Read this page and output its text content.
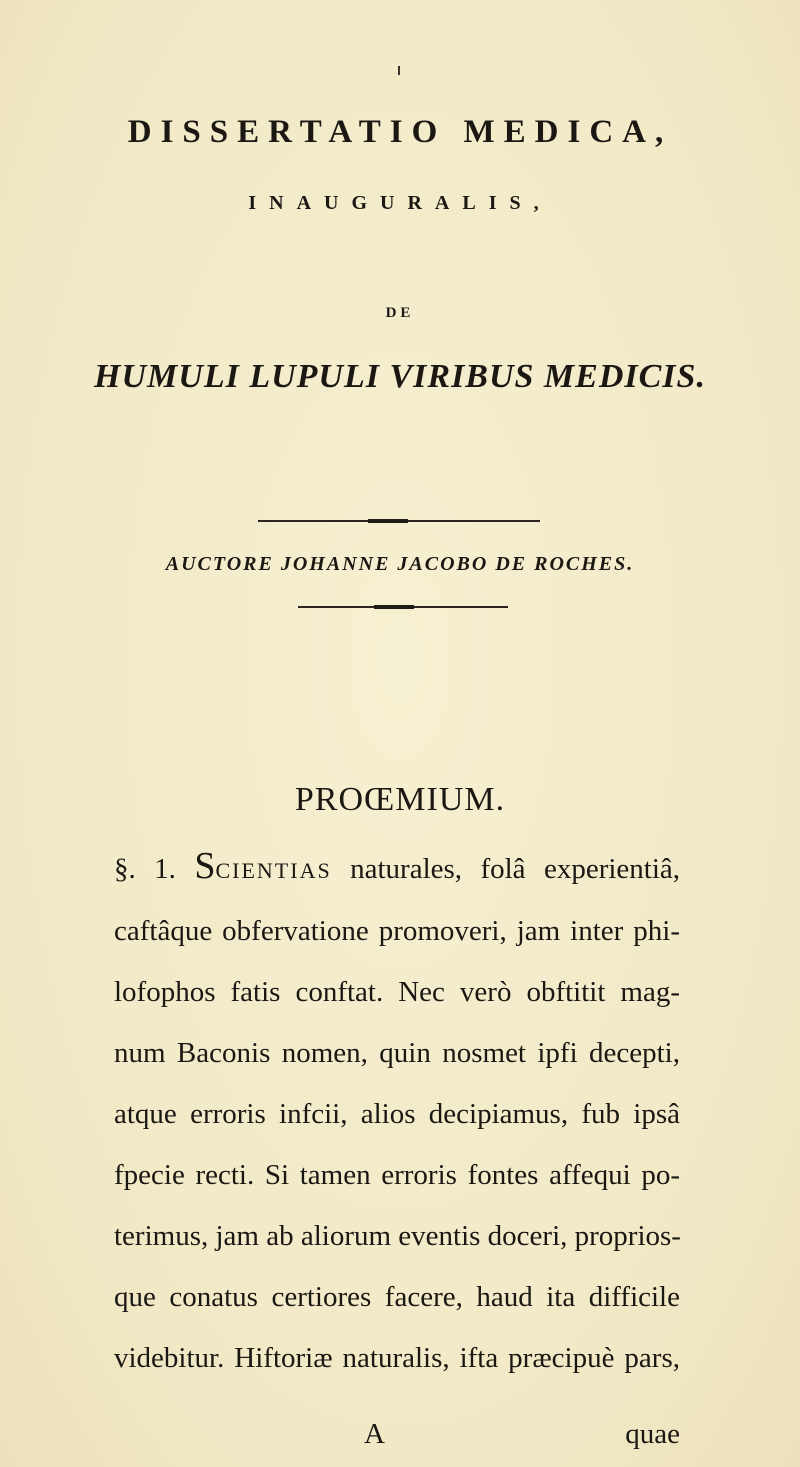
DISSERTATIO MEDICA,
INAUGURALIS,
DE
HUMULI LUPULI VIRIBUS MEDICIS.
AUCTORE JOHANNE JACOBO DE ROCHES.
PROŒMIUM.
§. 1. SCIENTIAS naturales, folâ experientiâ,
caftâque obfervatione promoveri, jam inter phi-
lofophos fatis conftat. Nec verò obftitit mag-
num Baconis nomen, quin nosmet ipfi decepti,
atque erroris infcii, alios decipiamus, fub ipsâ
fpecie recti. Si tamen erroris fontes affequi po-
terimus, jam ab aliorum eventis doceri, proprios-
que conatus certiores facere, haud ita difficile
videbitur. Hiftoriæ naturalis, ifta præcipuè pars,
A	quae
